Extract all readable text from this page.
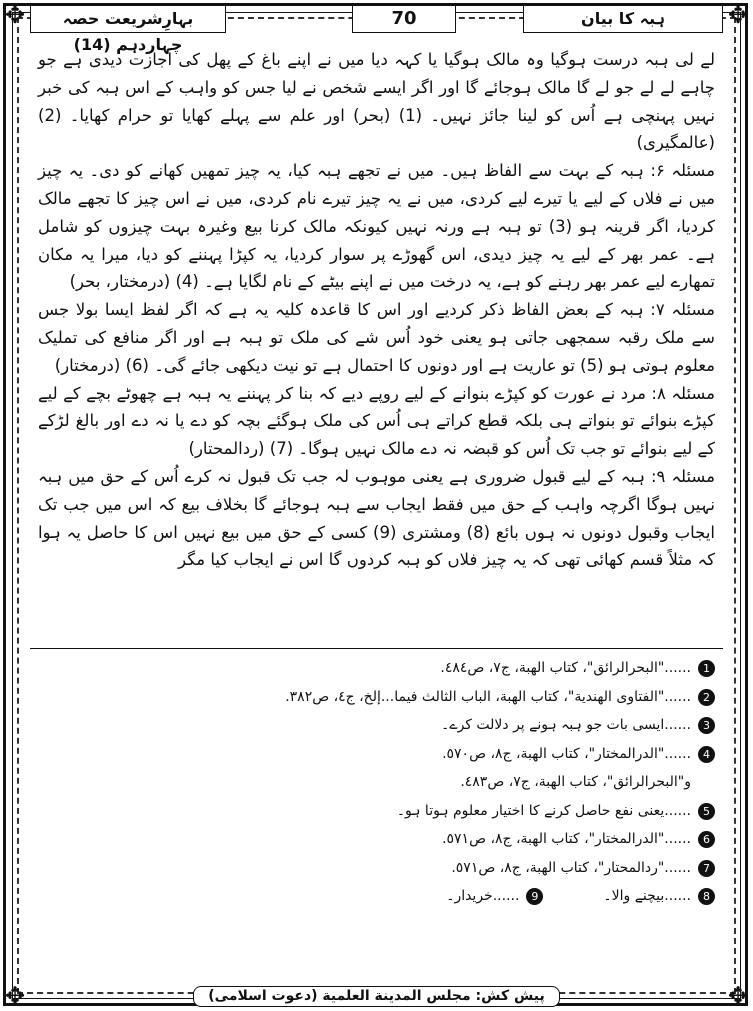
✥	✥
✥	✥
ہبہ کا بیان
70
بہارِشریعت حصہ چہاردہم (14)

لے لی ہبہ درست ہوگیا وہ مالک ہوگیا یا کہہ دیا میں نے اپنے باغ کے پھل کی اجازت دیدی ہے جو چاہے لے لے جو لے گا مالک ہوجائے گا اور اگر ایسے شخص نے لیا جس کو واہب کے اس ہبہ کی خبر نہیں پہنچی ہے اُس کو لینا جائز نہیں۔ (1) (بحر) اور علم سے پہلے کھایا تو حرام کھایا۔ (2) (عالمگیری)

مسئلہ ۶: ہبہ کے بہت سے الفاظ ہیں۔ میں نے تجھے ہبہ کیا، یہ چیز تمھیں کھانے کو دی۔ یہ چیز میں نے فلاں کے لیے یا تیرے لیے کردی، میں نے یہ چیز تیرے نام کردی، میں نے اس چیز کا تجھے مالک کردیا، اگر قرینہ ہو (3) تو ہبہ ہے ورنہ نہیں کیونکہ مالک کرنا بیع وغیرہ بہت چیزوں کو شامل ہے۔ عمر بھر کے لیے یہ چیز دیدی، اس گھوڑے پر سوار کردیا، یہ کپڑا پہننے کو دیا، میرا یہ مکان تمھارے لیے عمر بھر رہنے کو ہے، یہ درخت میں نے اپنے بیٹے کے نام لگایا ہے۔ (4) (درمختار، بحر)

مسئلہ ۷: ہبہ کے بعض الفاظ ذکر کردیے اور اس کا قاعدہ کلیہ یہ ہے کہ اگر لفظ ایسا بولا جس سے ملک رقبہ سمجھی جاتی ہو یعنی خود اُس شے کی ملک تو ہبہ ہے اور اگر منافع کی تملیک معلوم ہوتی ہو (5) تو عاریت ہے اور دونوں کا احتمال ہے تو نیت دیکھی جائے گی۔ (6) (درمختار)

مسئلہ ۸: مرد نے عورت کو کپڑے بنوانے کے لیے روپے دیے کہ بنا کر پہننے یہ ہبہ ہے چھوٹے بچے کے لیے کپڑے بنوائے تو بنواتے ہی بلکہ قطع کراتے ہی اُس کی ملک ہوگئے بچہ کو دے یا نہ دے اور بالغ لڑکے کے لیے بنوائے تو جب تک اُس کو قبضہ نہ دے مالک نہیں ہوگا۔ (7) (ردالمحتار)

مسئلہ ۹: ہبہ کے لیے قبول ضروری ہے یعنی موہوب لہ جب تک قبول نہ کرے اُس کے حق میں ہبہ نہیں ہوگا اگرچہ واہب کے حق میں فقط ایجاب سے ہبہ ہوجائے گا بخلاف بیع کہ اس میں جب تک ایجاب وقبول دونوں نہ ہوں بائع (8) ومشتری (9) کسی کے حق میں بیع نہیں اس کا حاصل یہ ہوا کہ مثلاً قسم کھائی تھی کہ یہ چیز فلاں کو ہبہ کردوں گا اس نے ایجاب کیا مگر

1
......"البحرالرائق"، کتاب الھبة، ج٧، ص٤٨٤.
2
......"الفتاوی الھندیة"، کتاب الھبة، الباب الثالث فیما...إلخ، ج٤، ص٣٨٢.
3
......ایسی بات جو ہبہ ہونے پر دلالت کرے۔
4
......"الدرالمختار"، کتاب الھبة، ج٨، ص٥٧٠.
و"البحرالرائق"، کتاب الھبة، ج٧، ص٤٨٣.
5
......یعنی نفع حاصل کرنے کا اختیار معلوم ہوتا ہو۔
6
......"الدرالمختار"، کتاب الھبة، ج٨، ص٥٧١.
7
......"ردالمحتار"، کتاب الھبة، ج٨، ص٥٧١.
8
......بیچنے والا۔
9
......خریدار۔
پیش کش: مجلس المدینة العلمیة (دعوت اسلامی)
